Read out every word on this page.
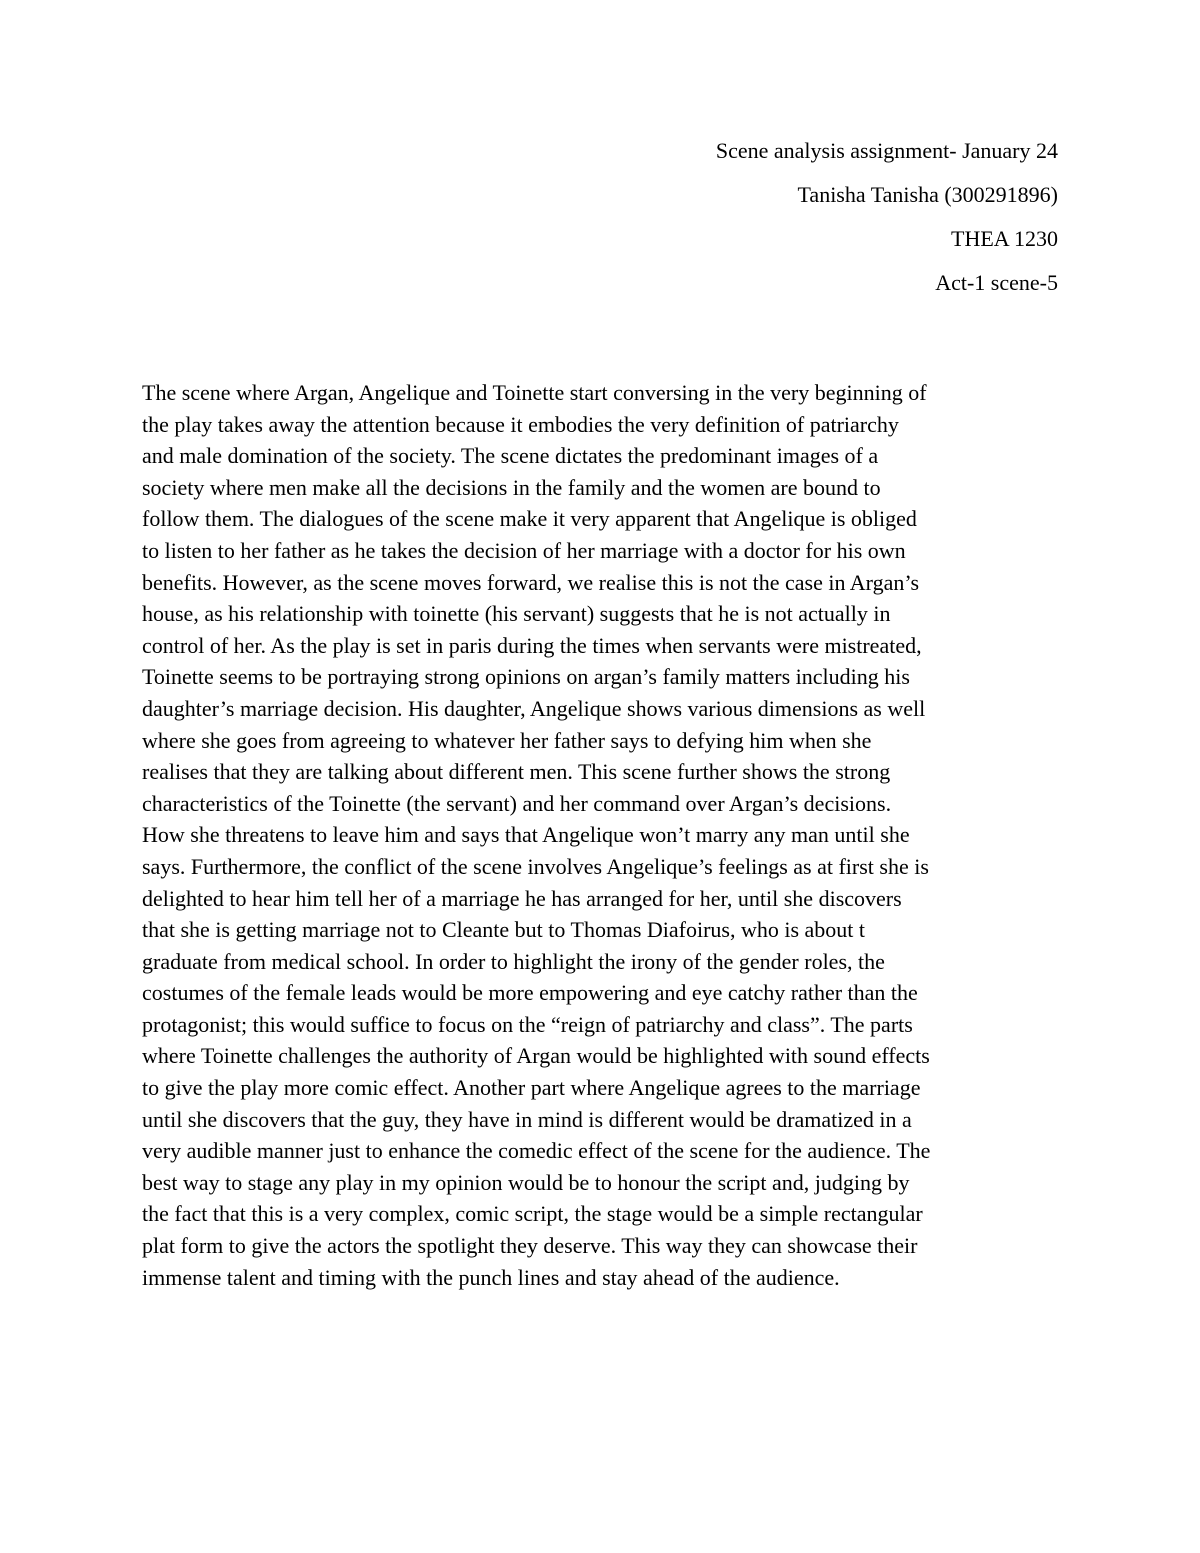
Scene analysis assignment- January 24
Tanisha Tanisha (300291896)
THEA 1230
Act-1 scene-5

The scene where Argan, Angelique and Toinette start conversing in the very beginning of
the play takes away the attention because it embodies the very definition of patriarchy
and male domination of the society. The scene dictates the predominant images of a
society where men make all the decisions in the family and the women are bound to
follow them. The dialogues of the scene make it very apparent that Angelique is obliged
to listen to her father as he takes the decision of her marriage with a doctor for his own
benefits. However, as the scene moves forward, we realise this is not the case in Argan’s
house, as his relationship with toinette (his servant) suggests that he is not actually in
control of her. As the play is set in paris during the times when servants were mistreated,
Toinette seems to be portraying strong opinions on argan’s family matters including his
daughter’s marriage decision. His daughter, Angelique shows various dimensions as well
where she goes from agreeing to whatever her father says to defying him when she
realises that they are talking about different men. This scene further shows the strong
characteristics of the Toinette (the servant) and her command over Argan’s decisions.
How she threatens to leave him and says that Angelique won’t marry any man until she
says. Furthermore, the conflict of the scene involves Angelique’s feelings as at first she is
delighted to hear him tell her of a marriage he has arranged for her, until she discovers
that she is getting marriage not to Cleante but to Thomas Diafoirus, who is about t
graduate from medical school. In order to highlight the irony of the gender roles, the
costumes of the female leads would be more empowering and eye catchy rather than the
protagonist; this would suffice to focus on the “reign of patriarchy and class”. The parts
where Toinette challenges the authority of Argan would be highlighted with sound effects
to give the play more comic effect. Another part where Angelique agrees to the marriage
until she discovers that the guy, they have in mind is different would be dramatized in a
very audible manner just to enhance the comedic effect of the scene for the audience. The
best way to stage any play in my opinion would be to honour the script and, judging by
the fact that this is a very complex, comic script, the stage would be a simple rectangular
plat form to give the actors the spotlight they deserve. This way they can showcase their
immense talent and timing with the punch lines and stay ahead of the audience.
